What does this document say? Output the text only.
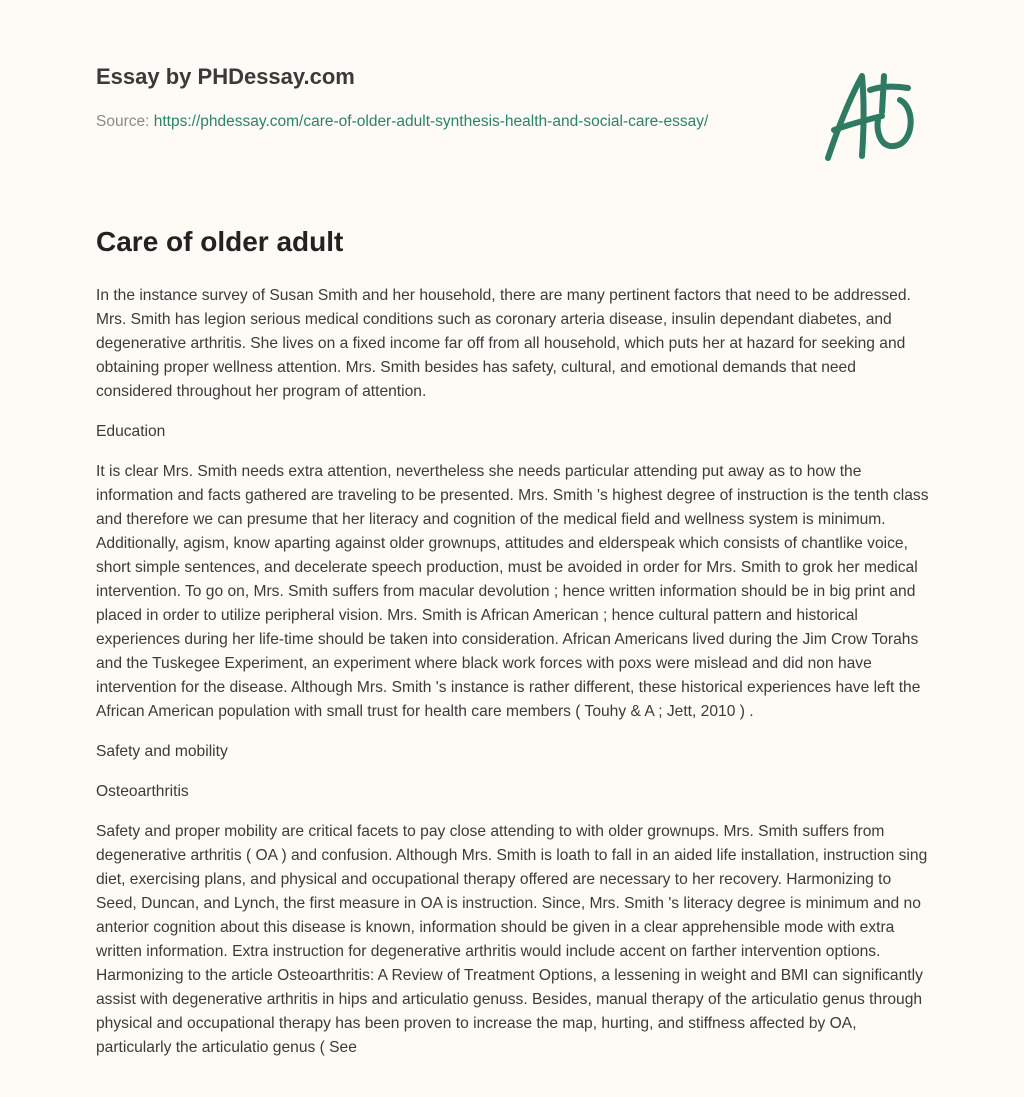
Essay by PHDessay.com
Source: https://phdessay.com/care-of-older-adult-synthesis-health-and-social-care-essay/
Care of older adult

In the instance survey of Susan Smith and her household, there are many pertinent factors that need to be addressed. Mrs. Smith has legion serious medical conditions such as coronary arteria disease, insulin dependant diabetes, and degenerative arthritis. She lives on a fixed income far off from all household, which puts her at hazard for seeking and obtaining proper wellness attention. Mrs. Smith besides has safety, cultural, and emotional demands that need considered throughout her program of attention.

Education

It is clear Mrs. Smith needs extra attention, nevertheless she needs particular attending put away as to how the information and facts gathered are traveling to be presented. Mrs. Smith 's highest degree of instruction is the tenth class and therefore we can presume that her literacy and cognition of the medical field and wellness system is minimum. Additionally, agism, know aparting against older grownups, attitudes and elderspeak which consists of chantlike voice, short simple sentences, and decelerate speech production, must be avoided in order for Mrs. Smith to grok her medical intervention. To go on, Mrs. Smith suffers from macular devolution ; hence written information should be in big print and placed in order to utilize peripheral vision. Mrs. Smith is African American ; hence cultural pattern and historical experiences during her life-time should be taken into consideration. African Americans lived during the Jim Crow Torahs and the Tuskegee Experiment, an experiment where black work forces with poxs were mislead and did non have intervention for the disease. Although Mrs. Smith 's instance is rather different, these historical experiences have left the African American population with small trust for health care members ( Touhy & A ; Jett, 2010 ) .

Safety and mobility

Osteoarthritis

Safety and proper mobility are critical facets to pay close attending to with older grownups. Mrs. Smith suffers from degenerative arthritis ( OA ) and confusion. Although Mrs. Smith is loath to fall in an aided life installation, instruction sing diet, exercising plans, and physical and occupational therapy offered are necessary to her recovery. Harmonizing to Seed, Duncan, and Lynch, the first measure in OA is instruction. Since, Mrs. Smith 's literacy degree is minimum and no anterior cognition about this disease is known, information should be given in a clear apprehensible mode with extra written information. Extra instruction for degenerative arthritis would include accent on farther intervention options. Harmonizing to the article Osteoarthritis: A Review of Treatment Options, a lessening in weight and BMI can significantly assist with degenerative arthritis in hips and articulatio genuss. Besides, manual therapy of the articulatio genus through physical and occupational therapy has been proven to increase the map, hurting, and stiffness affected by OA, particularly the articulatio genus ( See
